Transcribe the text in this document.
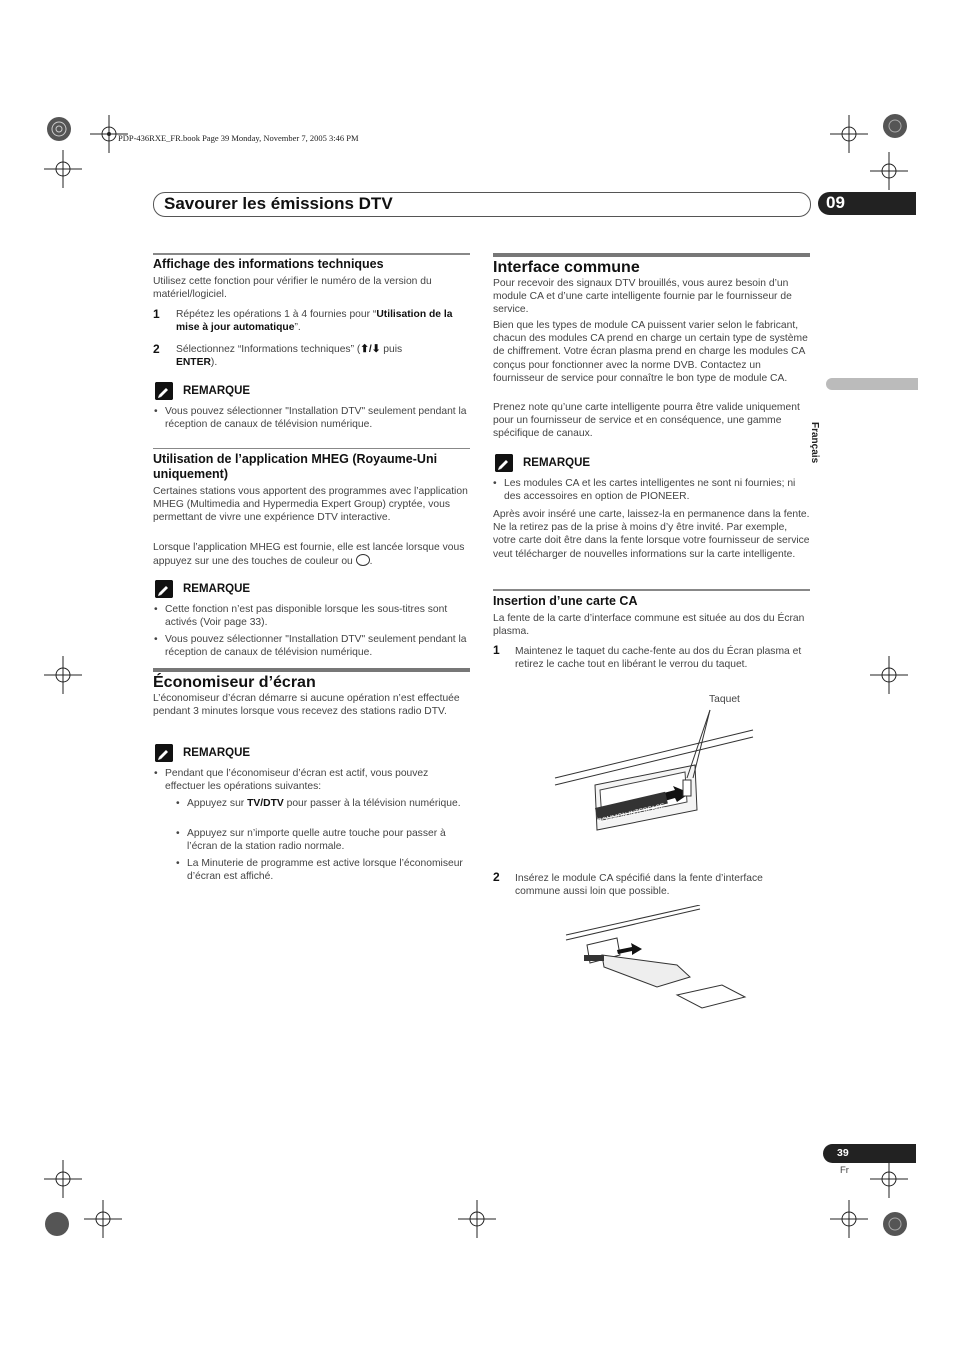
PDP-436RXE_FR.book Page 39 Monday, November 7, 2005 3:46 PM
Savourer les émissions DTV	09
Français
Affichage des informations techniques
Utilisez cette fonction pour vérifier le numéro de la version du matériel/logiciel.
1 Répétez les opérations 1 à 4 fournies pour “Utilisation de la mise à jour automatique”.
2 Sélectionnez “Informations techniques” (⬆/⬇ puis
ENTER).
REMARQUE
• Vous pouvez sélectionner "Installation DTV" seulement pendant la réception de canaux de télévision numérique.
Utilisation de l’application MHEG (Royaume-Uni uniquement)
Certaines stations vous apportent des programmes avec l’application MHEG (Multimedia and Hypermedia Expert Group) cryptée, vous permettant de vivre une expérience DTV interactive.
Lorsque l’application MHEG est fournie, elle est lancée lorsque vous appuyez sur une des touches de couleur ou .
REMARQUE
• Cette fonction n’est pas disponible lorsque les sous-titres sont activés (Voir page 33).
• Vous pouvez sélectionner "Installation DTV" seulement pendant la réception de canaux de télévision numérique.
Économiseur d’écran
L’économiseur d’écran démarre si aucune opération n’est effectuée pendant 3 minutes lorsque vous recevez des stations radio DTV.
REMARQUE
• Pendant que l’économiseur d’écran est actif, vous pouvez effectuer les opérations suivantes:
• Appuyez sur TV/DTV pour passer à la télévision numérique.
• Appuyez sur n’importe quelle autre touche pour passer à l’écran de la station radio normale.
• La Minuterie de programme est active lorsque l’économiseur d’écran est affiché.
Interface commune
Pour recevoir des signaux DTV brouillés, vous aurez besoin d’un module CA et d’une carte intelligente fournie par le fournisseur de service.
Bien que les types de module CA puissent varier selon le fabricant, chacun des modules CA prend en charge un certain type de système de chiffrement. Votre écran plasma prend en charge les modules CA conçus pour fonctionner avec la norme DVB. Contactez un fournisseur de service pour connaître le bon type de module CA.
Prenez note qu’une carte intelligente pourra être valide uniquement pour un fournisseur de service et en conséquence, une gamme spécifique de canaux.
REMARQUE
• Les modules CA et les cartes intelligentes ne sont ni fournies; ni des accessoires en option de PIONEER.
Après avoir inséré une carte, laissez-la en permanence dans la fente. Ne la retirez pas de la prise à moins d’y être invité. Par exemple, votre carte doit être dans la fente lorsque votre fournisseur de service veut télécharger de nouvelles informations sur la carte intelligente.
Insertion d’une carte CA
La fente de la carte d’interface commune est située au dos du Écran plasma.
1 Maintenez le taquet du cache-fente au dos du Écran plasma et retirez le cache tout en libérant le verrou du taquet.
COMMON INTERFACE
Taquet
2 Insérez le module CA spécifié dans la fente d’interface commune aussi loin que possible.
39
Fr
